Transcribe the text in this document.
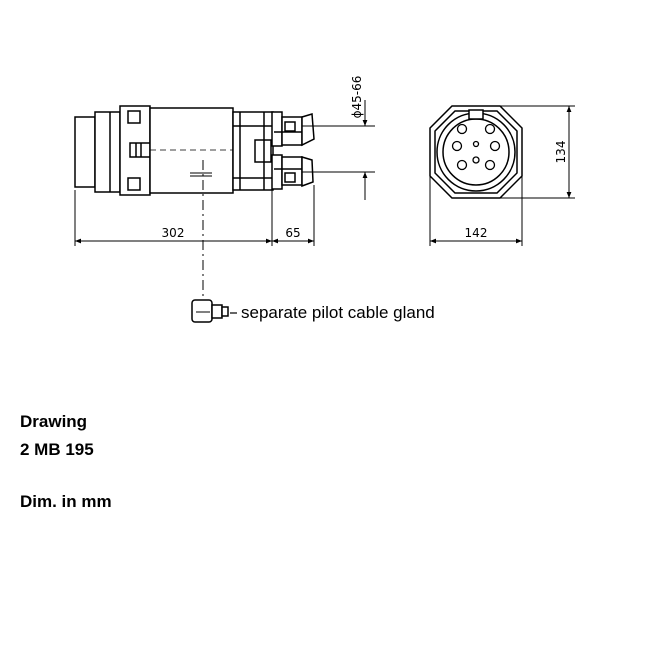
ϕ45-66
302	65
separate pilot cable gland
142
134
Drawing
2 MB 195
Dim. in mm
